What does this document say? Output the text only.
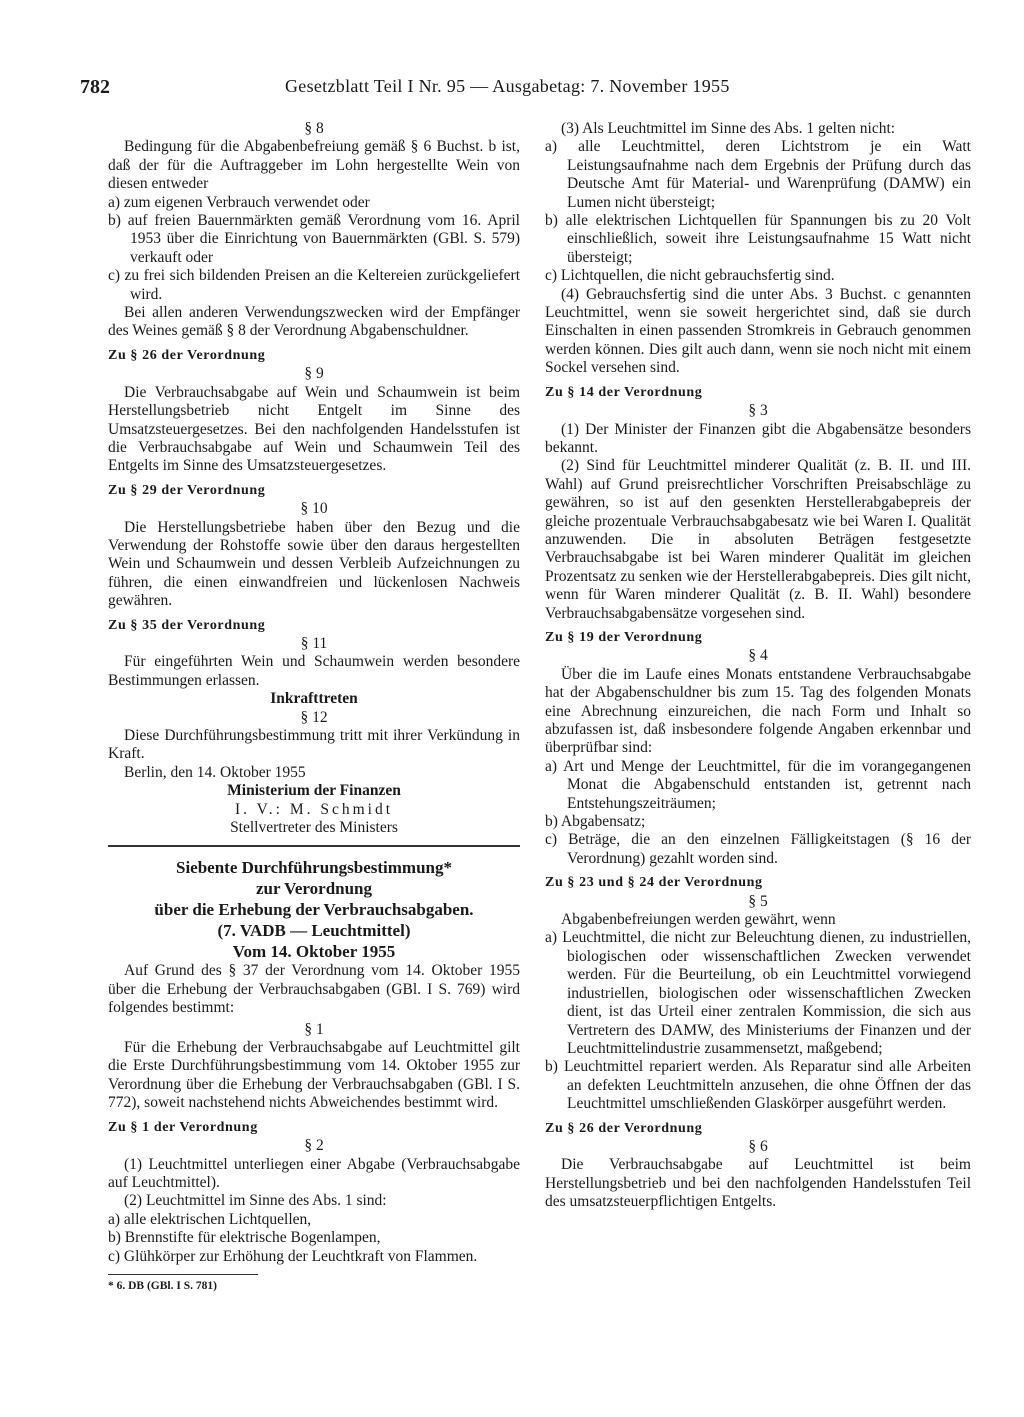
782	Gesetzblatt Teil I Nr. 95 — Ausgabetag: 7. November 1955

§ 8

Bedingung für die Abgabenbefreiung gemäß § 6 Buchst. b ist, daß der für die Auftraggeber im Lohn hergestellte Wein von diesen entweder

a) zum eigenen Verbrauch verwendet oder

b) auf freien Bauernmärkten gemäß Verordnung vom 16. April 1953 über die Einrichtung von Bauernmärkten (GBl. S. 579) verkauft oder

c) zu frei sich bildenden Preisen an die Keltereien zurückgeliefert wird.

Bei allen anderen Verwendungszwecken wird der Empfänger des Weines gemäß § 8 der Verordnung Abgabenschuldner.

Zu § 26 der Verordnung

§ 9

Die Verbrauchsabgabe auf Wein und Schaumwein ist beim Herstellungsbetrieb nicht Entgelt im Sinne des Umsatzsteuergesetzes. Bei den nachfolgenden Handelsstufen ist die Verbrauchsabgabe auf Wein und Schaumwein Teil des Entgelts im Sinne des Umsatzsteuergesetzes.

Zu § 29 der Verordnung

§ 10

Die Herstellungsbetriebe haben über den Bezug und die Verwendung der Rohstoffe sowie über den daraus hergestellten Wein und Schaumwein und dessen Verbleib Aufzeichnungen zu führen, die einen einwandfreien und lückenlosen Nachweis gewähren.

Zu § 35 der Verordnung

§ 11

Für eingeführten Wein und Schaumwein werden besondere Bestimmungen erlassen.

Inkrafttreten

§ 12

Diese Durchführungsbestimmung tritt mit ihrer Verkündung in Kraft.

Berlin, den 14. Oktober 1955

Ministerium der Finanzen

I. V.: M. Schmidt

Stellvertreter des Ministers

Siebente Durchführungsbestimmung*

zur Verordnung

über die Erhebung der Verbrauchsabgaben.

(7. VADB — Leuchtmittel)

Vom 14. Oktober 1955

Auf Grund des § 37 der Verordnung vom 14. Oktober 1955 über die Erhebung der Verbrauchsabgaben (GBl. I S. 769) wird folgendes bestimmt:

§ 1

Für die Erhebung der Verbrauchsabgabe auf Leuchtmittel gilt die Erste Durchführungsbestimmung vom 14. Oktober 1955 zur Verordnung über die Erhebung der Verbrauchsabgaben (GBl. I S. 772), soweit nachstehend nichts Abweichendes bestimmt wird.

Zu § 1 der Verordnung

§ 2

(1) Leuchtmittel unterliegen einer Abgabe (Verbrauchsabgabe auf Leuchtmittel).

(2) Leuchtmittel im Sinne des Abs. 1 sind:

a) alle elektrischen Lichtquellen,

b) Brennstifte für elektrische Bogenlampen,

c) Glühkörper zur Erhöhung der Leuchtkraft von Flammen.

* 6. DB (GBl. I S. 781)

(3) Als Leuchtmittel im Sinne des Abs. 1 gelten nicht:

a) alle Leuchtmittel, deren Lichtstrom je ein Watt Leistungsaufnahme nach dem Ergebnis der Prüfung durch das Deutsche Amt für Material- und Warenprüfung (DAMW) ein Lumen nicht übersteigt;

b) alle elektrischen Lichtquellen für Spannungen bis zu 20 Volt einschließlich, soweit ihre Leistungsaufnahme 15 Watt nicht übersteigt;

c) Lichtquellen, die nicht gebrauchsfertig sind.

(4) Gebrauchsfertig sind die unter Abs. 3 Buchst. c genannten Leuchtmittel, wenn sie soweit hergerichtet sind, daß sie durch Einschalten in einen passenden Stromkreis in Gebrauch genommen werden können. Dies gilt auch dann, wenn sie noch nicht mit einem Sockel versehen sind.

Zu § 14 der Verordnung

§ 3

(1) Der Minister der Finanzen gibt die Abgabensätze besonders bekannt.

(2) Sind für Leuchtmittel minderer Qualität (z. B. II. und III. Wahl) auf Grund preisrechtlicher Vorschriften Preisabschläge zu gewähren, so ist auf den gesenkten Herstellerabgabepreis der gleiche prozentuale Verbrauchsabgabesatz wie bei Waren I. Qualität anzuwenden. Die in absoluten Beträgen festgesetzte Verbrauchsabgabe ist bei Waren minderer Qualität im gleichen Prozentsatz zu senken wie der Herstellerabgabepreis. Dies gilt nicht, wenn für Waren minderer Qualität (z. B. II. Wahl) besondere Verbrauchsabgabensätze vorgesehen sind.

Zu § 19 der Verordnung

§ 4

Über die im Laufe eines Monats entstandene Verbrauchsabgabe hat der Abgabenschuldner bis zum 15. Tag des folgenden Monats eine Abrechnung einzureichen, die nach Form und Inhalt so abzufassen ist, daß insbesondere folgende Angaben erkennbar und überprüfbar sind:

a) Art und Menge der Leuchtmittel, für die im vorangegangenen Monat die Abgabenschuld entstanden ist, getrennt nach Entstehungszeiträumen;

b) Abgabensatz;

c) Beträge, die an den einzelnen Fälligkeitstagen (§ 16 der Verordnung) gezahlt worden sind.

Zu § 23 und § 24 der Verordnung

§ 5

Abgabenbefreiungen werden gewährt, wenn

a) Leuchtmittel, die nicht zur Beleuchtung dienen, zu industriellen, biologischen oder wissenschaftlichen Zwecken verwendet werden. Für die Beurteilung, ob ein Leuchtmittel vorwiegend industriellen, biologischen oder wissenschaftlichen Zwecken dient, ist das Urteil einer zentralen Kommission, die sich aus Vertretern des DAMW, des Ministeriums der Finanzen und der Leuchtmittelindustrie zusammensetzt, maßgebend;

b) Leuchtmittel repariert werden. Als Reparatur sind alle Arbeiten an defekten Leuchtmitteln anzusehen, die ohne Öffnen der das Leuchtmittel umschließenden Glaskörper ausgeführt werden.

Zu § 26 der Verordnung

§ 6

Die Verbrauchsabgabe auf Leuchtmittel ist beim Herstellungsbetrieb und bei den nachfolgenden Handelsstufen Teil des umsatzsteuerpflichtigen Entgelts.
